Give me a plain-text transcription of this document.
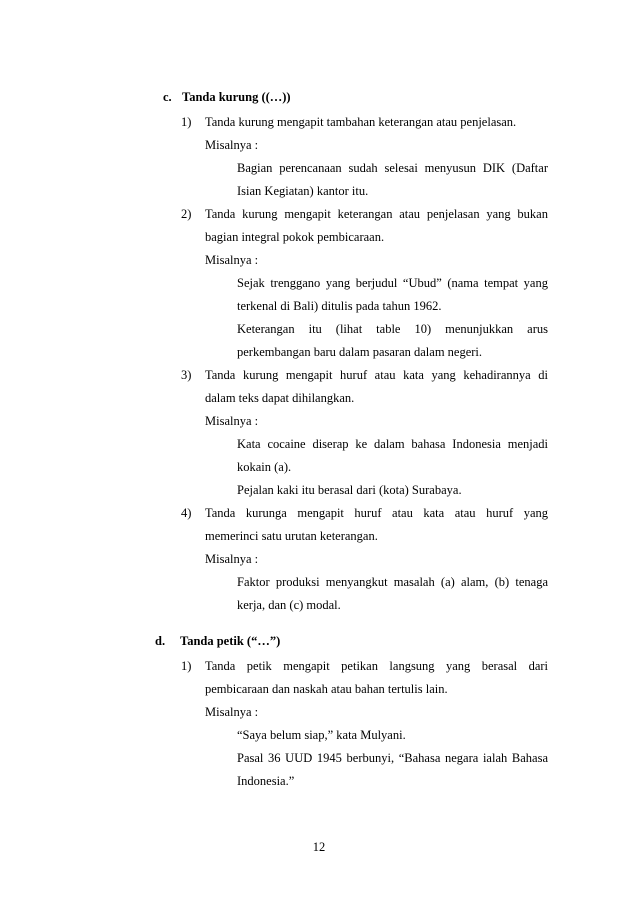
c. Tanda kurung ((…))
1) Tanda kurung mengapit tambahan keterangan atau penjelasan.
Misalnya :
Bagian perencanaan sudah selesai menyusun DIK (Daftar
Isian Kegiatan) kantor itu.
2) Tanda kurung mengapit keterangan atau penjelasan yang bukan
bagian integral pokok pembicaraan.
Misalnya :
Sejak trenggano yang berjudul “Ubud” (nama tempat yang
terkenal di Bali) ditulis pada tahun 1962.
Keterangan itu (lihat table 10) menunjukkan arus
perkembangan baru dalam pasaran dalam negeri.
3) Tanda kurung mengapit huruf atau kata yang kehadirannya di
dalam teks dapat dihilangkan.
Misalnya :
Kata cocaine diserap ke dalam bahasa Indonesia menjadi
kokain (a).
Pejalan kaki itu berasal dari (kota) Surabaya.
4) Tanda kurunga mengapit huruf atau kata atau huruf yang
memerinci satu urutan keterangan.
Misalnya :
Faktor produksi menyangkut masalah (a) alam, (b) tenaga
kerja, dan (c) modal.
d. Tanda petik (“…”)
1) Tanda petik mengapit petikan langsung yang berasal dari
pembicaraan dan naskah atau bahan tertulis lain.
Misalnya :
“Saya belum siap,” kata Mulyani.
Pasal 36 UUD 1945 berbunyi, “Bahasa negara ialah Bahasa
Indonesia.”
12
